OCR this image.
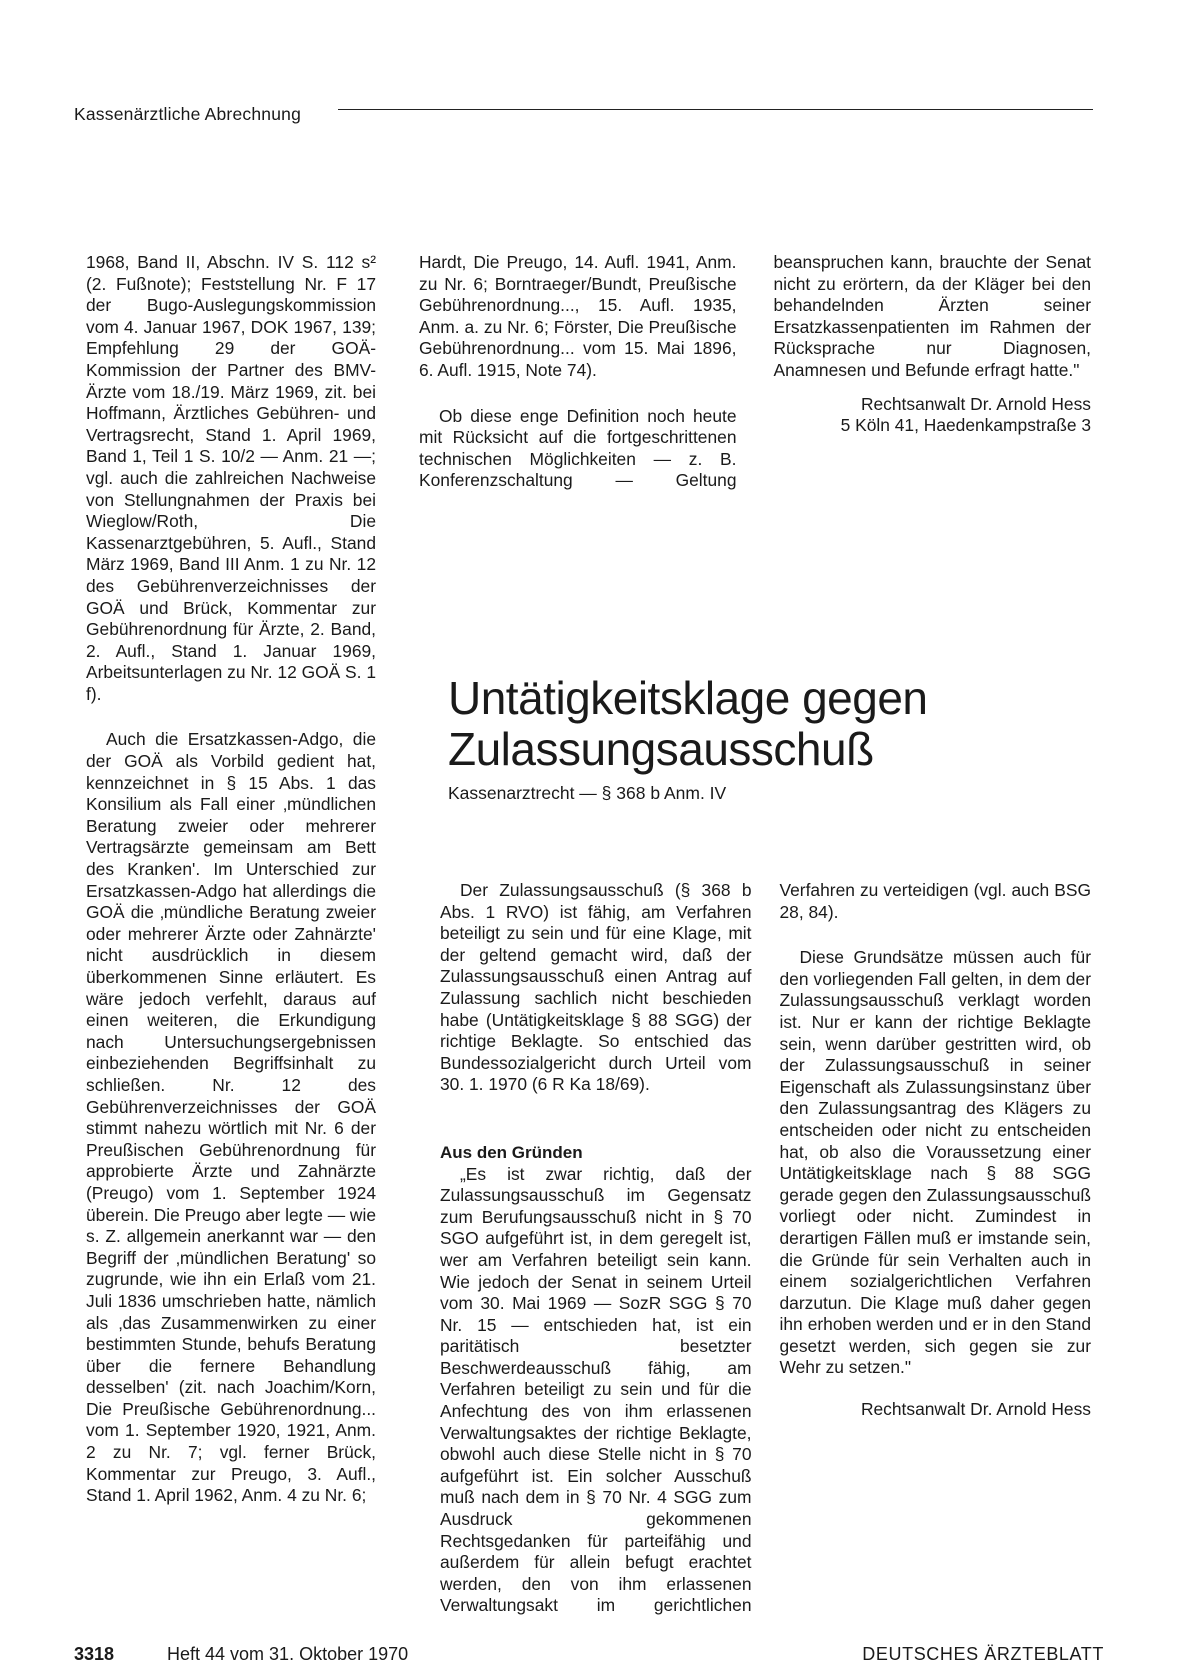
Kassenärztliche Abrechnung

1968, Band II, Abschn. IV S. 112 s² (2. Fußnote); Feststellung Nr. F 17 der Bugo-Auslegungskommission vom 4. Januar 1967, DOK 1967, 139; Empfehlung 29 der GOÄ-Kommission der Partner des BMV-Ärzte vom 18./19. März 1969, zit. bei Hoffmann, Ärztliches Gebühren- und Vertragsrecht, Stand 1. April 1969, Band 1, Teil 1 S. 10/2 — Anm. 21 —; vgl. auch die zahlreichen Nachweise von Stellungnahmen der Praxis bei Wieglow/Roth, Die Kassenarztgebühren, 5. Aufl., Stand März 1969, Band III Anm. 1 zu Nr. 12 des Gebührenverzeichnisses der GOÄ und Brück, Kommentar zur Gebührenordnung für Ärzte, 2. Band, 2. Aufl., Stand 1. Januar 1969, Arbeitsunterlagen zu Nr. 12 GOÄ S. 1 f).

Auch die Ersatzkassen-Adgo, die der GOÄ als Vorbild gedient hat, kennzeichnet in § 15 Abs. 1 das Konsilium als Fall einer ‚mündlichen Beratung zweier oder mehrerer Vertragsärzte gemeinsam am Bett des Kranken'. Im Unterschied zur Ersatzkassen-Adgo hat allerdings die GOÄ die ‚mündliche Beratung zweier oder mehrerer Ärzte oder Zahnärzte' nicht ausdrücklich in diesem überkommenen Sinne erläutert. Es wäre jedoch verfehlt, daraus auf einen weiteren, die Erkundigung nach Untersuchungsergebnissen einbeziehenden Begriffsinhalt zu schließen. Nr. 12 des Gebührenverzeichnisses der GOÄ stimmt nahezu wörtlich mit Nr. 6 der Preußischen Gebührenordnung für approbierte Ärzte und Zahnärzte (Preugo) vom 1. September 1924 überein. Die Preugo aber legte — wie s. Z. allgemein anerkannt war — den Begriff der ‚mündlichen Beratung' so zugrunde, wie ihn ein Erlaß vom 21. Juli 1836 umschrieben hatte, nämlich als ‚das Zusammenwirken zu einer bestimmten Stunde, behufs Beratung über die fernere Behandlung desselben' (zit. nach Joachim/Korn, Die Preußische Gebührenordnung... vom 1. September 1920, 1921, Anm. 2 zu Nr. 7; vgl. ferner Brück, Kommentar zur Preugo, 3. Aufl., Stand 1. April 1962, Anm. 4 zu Nr. 6;

Hardt, Die Preugo, 14. Aufl. 1941, Anm. zu Nr. 6; Borntraeger/Bundt, Preußische Gebührenordnung..., 15. Aufl. 1935, Anm. a. zu Nr. 6; Förster, Die Preußische Gebührenordnung... vom 15. Mai 1896, 6. Aufl. 1915, Note 74).

Ob diese enge Definition noch heute mit Rücksicht auf die fortgeschrittenen technischen Möglichkeiten — z. B. Konferenzschaltung — Geltung beanspruchen kann, brauchte der Senat nicht zu erörtern, da der Kläger bei den behandelnden Ärzten seiner Ersatzkassenpatienten im Rahmen der Rücksprache nur Diagnosen, Anamnesen und Befunde erfragt hatte."

Rechtsanwalt Dr. Arnold Hess

5 Köln 41, Haedenkampstraße 3

Untätigkeitsklage gegen
Zulassungsausschuß
Kassenarztrecht — § 368 b Anm. IV

Der Zulassungsausschuß (§ 368 b Abs. 1 RVO) ist fähig, am Verfahren beteiligt zu sein und für eine Klage, mit der geltend gemacht wird, daß der Zulassungsausschuß einen Antrag auf Zulassung sachlich nicht beschieden habe (Untätigkeitsklage § 88 SGG) der richtige Beklagte. So entschied das Bundessozialgericht durch Urteil vom 30. 1. 1970 (6 R Ka 18/69).

Aus den Gründen

„Es ist zwar richtig, daß der Zulassungsausschuß im Gegensatz zum Berufungsausschuß nicht in § 70 SGO aufgeführt ist, in dem geregelt ist, wer am Verfahren beteiligt sein kann. Wie jedoch der Senat in seinem Urteil vom 30. Mai 1969 — SozR SGG § 70 Nr. 15 — entschieden hat, ist ein paritätisch besetzter Beschwerdeausschuß fähig, am Verfahren beteiligt zu sein und für die Anfechtung des von ihm erlassenen Verwaltungsaktes der richtige Beklagte, obwohl auch diese Stelle nicht in § 70 aufgeführt ist. Ein solcher Ausschuß muß nach dem in § 70 Nr. 4 SGG zum Ausdruck gekommenen Rechtsgedanken für parteifähig und außerdem für allein befugt erachtet werden, den von ihm erlassenen Verwaltungsakt im gerichtlichen Verfahren zu verteidigen (vgl. auch BSG 28, 84).

Diese Grundsätze müssen auch für den vorliegenden Fall gelten, in dem der Zulassungsausschuß verklagt worden ist. Nur er kann der richtige Beklagte sein, wenn darüber gestritten wird, ob der Zulassungsausschuß in seiner Eigenschaft als Zulassungsinstanz über den Zulassungsantrag des Klägers zu entscheiden oder nicht zu entscheiden hat, ob also die Voraussetzung einer Untätigkeitsklage nach § 88 SGG gerade gegen den Zulassungsausschuß vorliegt oder nicht. Zumindest in derartigen Fällen muß er imstande sein, die Gründe für sein Verhalten auch in einem sozialgerichtlichen Verfahren darzutun. Die Klage muß daher gegen ihn erhoben werden und er in den Stand gesetzt werden, sich gegen sie zur Wehr zu setzen."

Rechtsanwalt Dr. Arnold Hess

3318	Heft 44 vom 31. Oktober 1970	DEUTSCHES ÄRZTEBLATT
